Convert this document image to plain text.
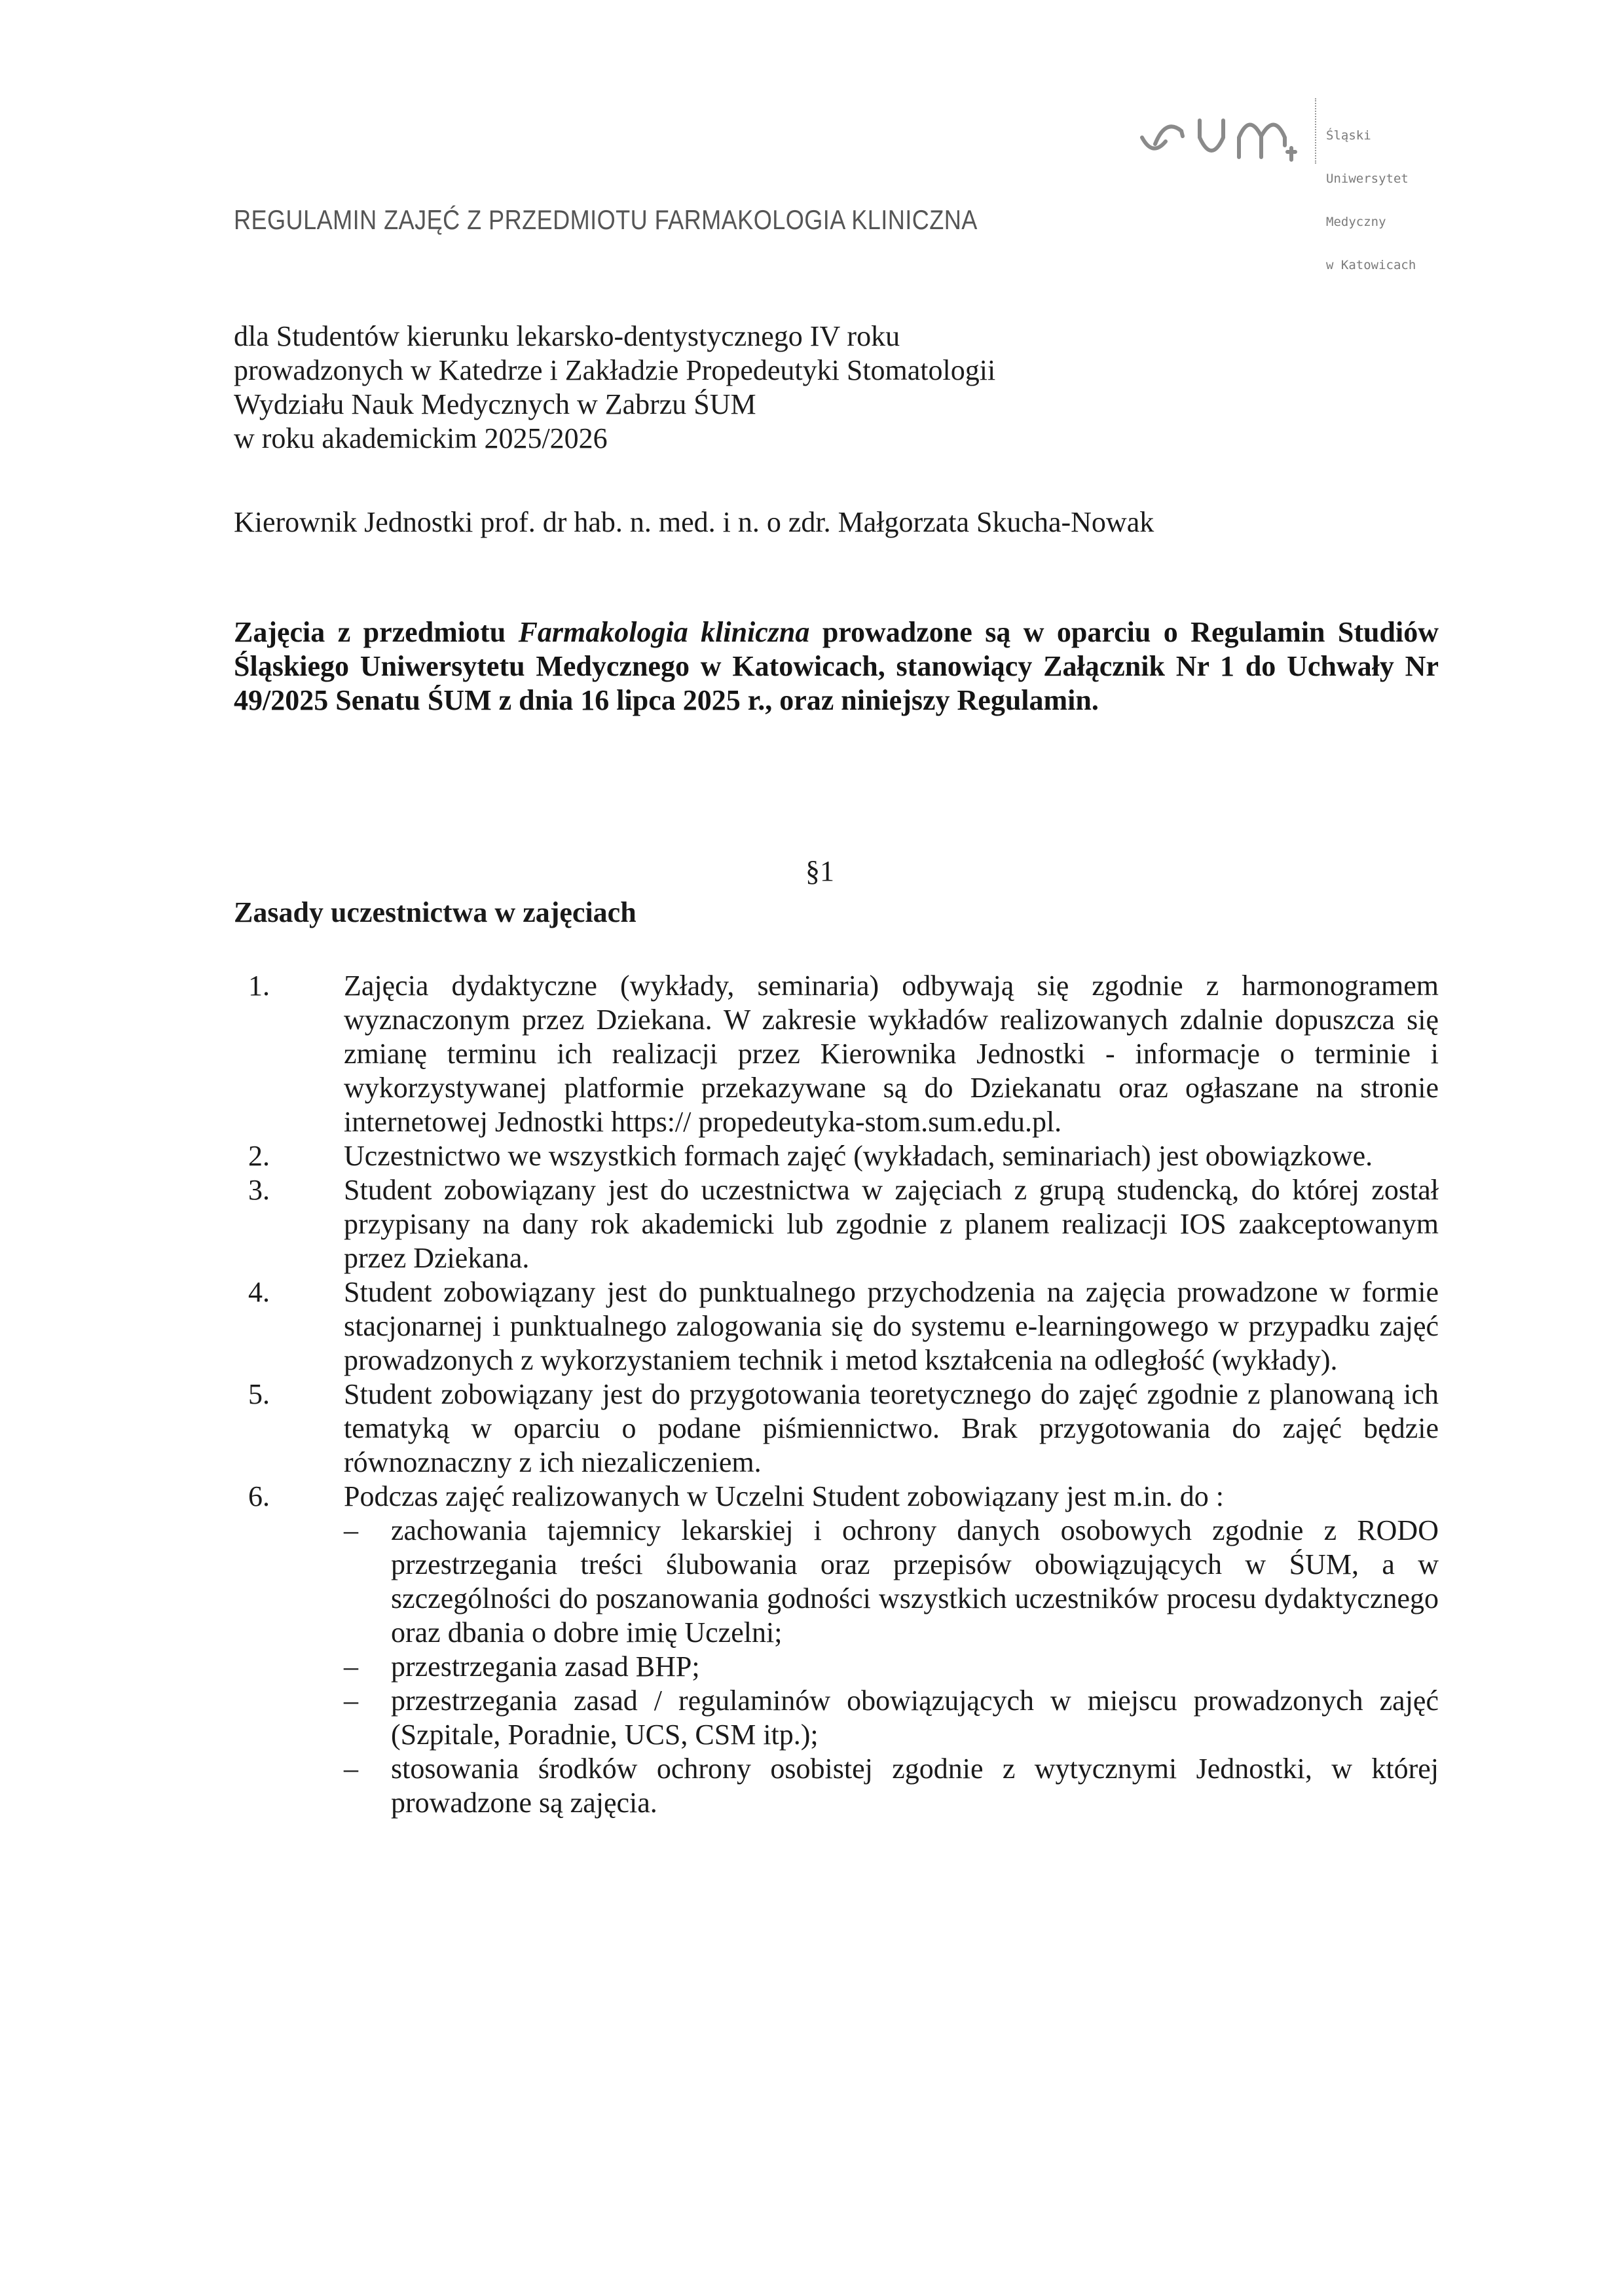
Śląski

Uniwersytet

Medyczny

w Katowicach

REGULAMIN ZAJĘĆ Z PRZEDMIOTU FARMAKOLOGIA KLINICZNA
dla Studentów kierunku lekarsko-dentystycznego IV roku
prowadzonych w Katedrze i Zakładzie Propedeutyki Stomatologii
Wydziału Nauk Medycznych w Zabrzu ŚUM
w roku akademickim 2025/2026
Kierownik Jednostki prof. dr hab. n. med. i n. o zdr. Małgorzata Skucha-Nowak
Zajęcia z przedmiotu Farmakologia kliniczna prowadzone są w oparciu o Regulamin Studiów Śląskiego Uniwersytetu Medycznego w Katowicach, stanowiący Załącznik Nr 1 do Uchwały Nr 49/2025 Senatu ŚUM z dnia 16 lipca 2025 r., oraz niniejszy Regulamin.
§1
Zasady uczestnictwa w zajęciach
1.	Zajęcia dydaktyczne (wykłady, seminaria) odbywają się zgodnie z harmonogramem wyznaczonym przez Dziekana. W zakresie wykładów realizowanych zdalnie dopuszcza się zmianę terminu ich realizacji przez Kierownika Jednostki - informacje o terminie i wykorzystywanej platformie przekazywane są do Dziekanatu oraz ogłaszane na stronie internetowej Jednostki https:// propedeutyka-stom.sum.edu.pl.
2.	Uczestnictwo we wszystkich formach zajęć (wykładach, seminariach) jest obowiązkowe.
3.	Student zobowiązany jest do uczestnictwa w zajęciach z grupą studencką, do której został przypisany na dany rok akademicki lub zgodnie z planem realizacji IOS zaakceptowanym przez Dziekana.
4.	Student zobowiązany jest do punktualnego przychodzenia na zajęcia prowadzone w formie stacjonarnej i punktualnego zalogowania się do systemu e-learningowego w przypadku zajęć prowadzonych z wykorzystaniem technik i metod kształcenia na odległość (wykłady).
5.	Student zobowiązany jest do przygotowania teoretycznego do zajęć zgodnie z planowaną ich tematyką w oparciu o podane piśmiennictwo. Brak przygotowania do zajęć będzie równoznaczny z ich niezaliczeniem.
6.	Podczas zajęć realizowanych w Uczelni Student zobowiązany jest m.in. do :
– zachowania tajemnicy lekarskiej i ochrony danych osobowych zgodnie z RODO przestrzegania treści ślubowania oraz przepisów obowiązujących w ŚUM, a w szczególności do poszanowania godności wszystkich uczestników procesu dydaktycznego oraz dbania o dobre imię Uczelni;
– przestrzegania zasad BHP;
– przestrzegania zasad / regulaminów obowiązujących w miejscu prowadzonych zajęć (Szpitale, Poradnie, UCS, CSM itp.);
– stosowania środków ochrony osobistej zgodnie z wytycznymi Jednostki, w której prowadzone są zajęcia.
